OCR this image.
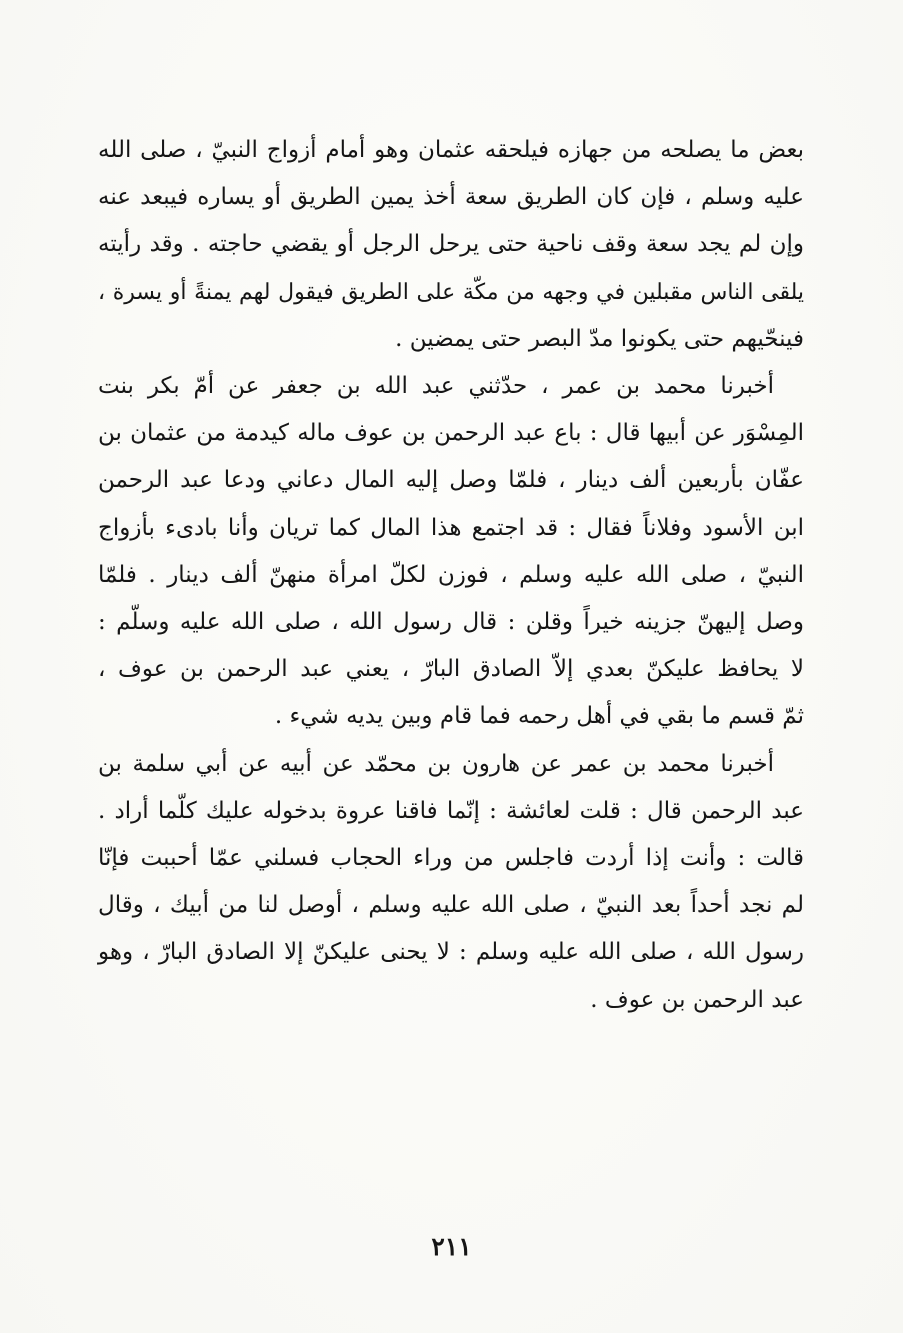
بعض ما يصلحه من جهازه فيلحقه عثمان وهو أمام أزواج النبيّ ، صلى الله
عليه وسلم ، فإن كان الطريق سعة أخذ يمين الطريق أو يساره فيبعد عنه
وإن لم يجد سعة وقف ناحية حتى يرحل الرجل أو يقضي حاجته . وقد رأيته
يلقى الناس مقبلين في وجهه من مكّة على الطريق فيقول لهم يمنةً أو يسرة ،
فينحّيهم حتى يكونوا مدّ البصر حتى يمضين .
أخبرنا محمد بن عمر ، حدّثني عبد الله بن جعفر عن أمّ بكر بنت
المِسْوَر عن أبيها قال : باع عبد الرحمن بن عوف ماله كيدمة من عثمان بن
عفّان بأربعين ألف دينار ، فلمّا وصل إليه المال دعاني ودعا عبد الرحمن
ابن الأسود وفلاناً فقال : قد اجتمع هذا المال كما تريان وأنا بادىء بأزواج
النبيّ ، صلى الله عليه وسلم ، فوزن لكلّ امرأة منهنّ ألف دينار . فلمّا
وصل إليهنّ جزينه خيراً وقلن : قال رسول الله ، صلى الله عليه وسلّم :
لا يحافظ عليكنّ بعدي إلاّ الصادق البارّ ، يعني عبد الرحمن بن عوف ،
ثمّ قسم ما بقي في أهل رحمه فما قام وبين يديه شيء .
أخبرنا محمد بن عمر عن هارون بن محمّد عن أبيه عن أبي سلمة بن
عبد الرحمن قال : قلت لعائشة : إنّما فاقنا عروة بدخوله عليك كلّما أراد .
قالت : وأنت إذا أردت فاجلس من وراء الحجاب فسلني عمّا أحببت فإنّا
لم نجد أحداً بعد النبيّ ، صلى الله عليه وسلم ، أوصل لنا من أبيك ، وقال
رسول الله ، صلى الله عليه وسلم : لا يحنى عليكنّ إلا الصادق البارّ ، وهو
عبد الرحمن بن عوف .
٢١١
